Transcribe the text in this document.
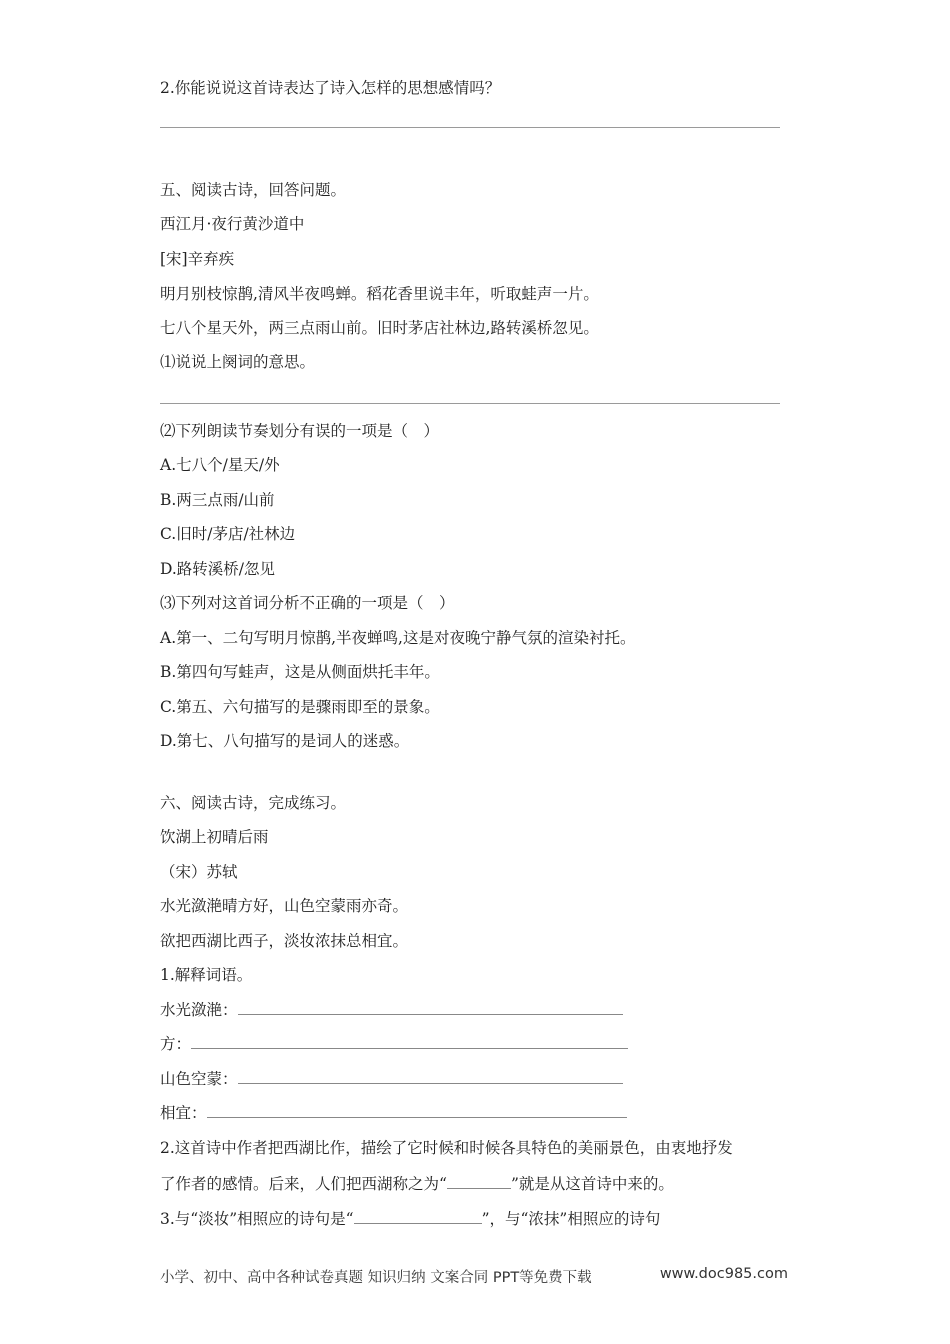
2.你能说说这首诗表达了诗入怎样的思想感情吗？
五、阅读古诗，回答问题。
西江月·夜行黄沙道中
[宋]辛弃疾
明月别枝惊鹊,清风半夜鸣蝉。稻花香里说丰年，听取蛙声一片。
七八个星天外，两三点雨山前。旧时茅店社林边,路转溪桥忽见。
⑴说说上阕词的意思。
⑵下列朗读节奏划分有误的一项是（　）
A.七八个/星天/外
B.两三点雨/山前
C.旧时/茅店/社林边
D.路转溪桥/忽见
⑶下列对这首词分析不正确的一项是（　）
A.第一、二句写明月惊鹊,半夜蝉鸣,这是对夜晚宁静气氛的渲染衬托。
B.第四句写蛙声，这是从侧面烘托丰年。
C.第五、六句描写的是骤雨即至的景象。
D.第七、八句描写的是词人的迷惑。
六、阅读古诗，完成练习。
饮湖上初晴后雨
（宋）苏轼
水光潋滟晴方好，山色空蒙雨亦奇。
欲把西湖比西子，淡妆浓抹总相宜。
1.解释词语。
水光潋滟：
方：
山色空蒙：
相宜：
2.这首诗中作者把西湖比作，描绘了它时候和时候各具特色的美丽景色，由衷地抒发
了作者的感情。后来，人们把西湖称之为“	”就是从这首诗中来的。
3.与“淡妆”相照应的诗句是“	”，与“浓抹”相照应的诗句
小学、初中、高中各种试卷真题 知识归纳 文案合同 PPT等免费下载	www.doc985.com
